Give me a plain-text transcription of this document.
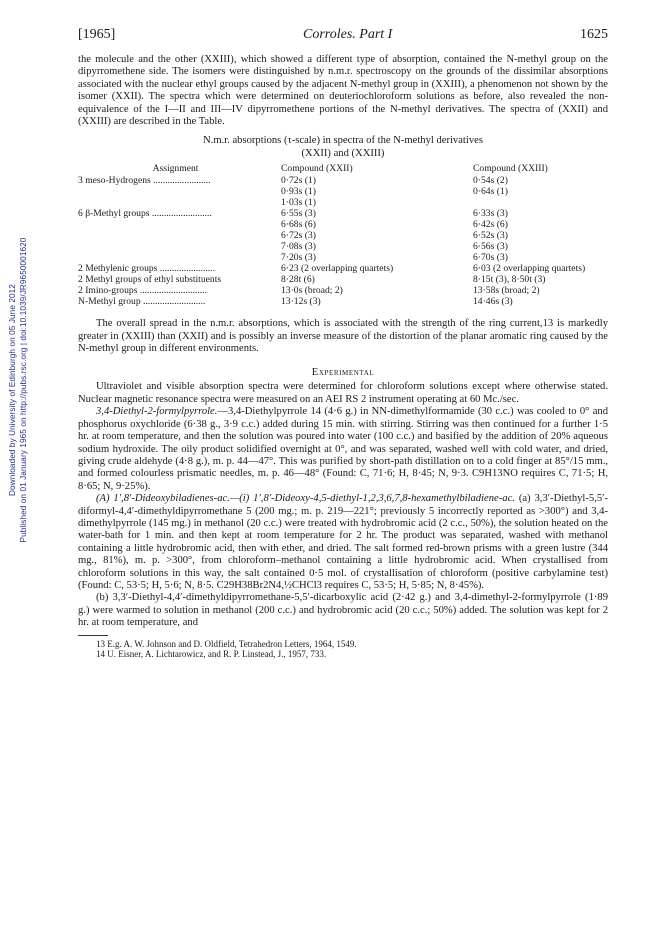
Downloaded by University of Edinburgh on 05 June 2012 Published on 01 January 1965 on http://pubs.rsc.org | doi:10.1039/JR9650001620
[1965]	Corroles. Part I	1625

the molecule and the other (XXIII), which showed a different type of absorption, contained the N-methyl group on the dipyrromethene side. The isomers were distinguished by n.m.r. spectroscopy on the grounds of the dissimilar absorptions associated with the nuclear ethyl groups caused by the adjacent N-methyl group in (XXIII), a phenomenon not shown by the isomer (XXII). The spectra which were determined on deuteriochloroform solutions as before, also revealed the non-equivalence of the I—II and III—IV dipyrromethene portions of the N-methyl derivatives. The spectra of (XXII) and (XXIII) are described in the Table.

N.m.r. absorptions (τ-scale) in spectra of the N-methyl derivatives
(XXII) and (XXIII)
Assignment	Compound (XXII)	Compound (XXIII)
3 meso-Hydrogens ........................	0·72s (1)	0·54s (2)
	0·93s (1)	0·64s (1)
	1·03s (1)	
6 β-Methyl groups .........................	6·55s (3)	6·33s (3)
	6·68s (6)	6·42s (6)
	6·72s (3)	6·52s (3)
	7·08s (3)	6·56s (3)
	7·20s (3)	6·70s (3)
2 Methylenic groups .......................	6·23 (2 overlapping quartets)	6·03 (2 overlapping quartets)
2 Methyl groups of ethyl substituents	8·28t (6)	8·15t (3), 8·50t (3)
2 Imino-groups ............................	13·0s (broad; 2)	13·58s (broad; 2)
N-Methyl group ..........................	13·12s (3)	14·46s (3)

The overall spread in the n.m.r. absorptions, which is associated with the strength of the ring current,13 is markedly greater in (XXIII) than (XXII) and is possibly an inverse measure of the distortion of the planar aromatic ring caused by the N-methyl group in different environments.

Experimental

Ultraviolet and visible absorption spectra were determined for chloroform solutions except where otherwise stated. Nuclear magnetic resonance spectra were measured on an AEI RS 2 instrument operating at 60 Mc./sec.

3,4-Diethyl-2-formylpyrrole.—3,4-Diethylpyrrole 14 (4·6 g.) in NN-dimethylformamide (30 c.c.) was cooled to 0° and phosphorus oxychloride (6·38 g., 3·9 c.c.) added during 15 min. with stirring. Stirring was then continued for a further 1·5 hr. at room temperature, and then the solution was poured into water (100 c.c.) and basified by the addition of 20% aqueous sodium hydroxide. The oily product solidified overnight at 0°, and was separated, washed well with cold water, and dried, giving crude aldehyde (4·8 g.), m. p. 44—47°. This was purified by short-path distillation on to a cold finger at 85°/15 mm., and formed colourless prismatic needles, m. p. 46—48° (Found: C, 71·6; H, 8·45; N, 9·3. C9H13NO requires C, 71·5; H, 8·65; N, 9·25%).

(A) 1′,8′-Dideoxybiladienes-ac.—(i) 1′,8′-Dideoxy-4,5-diethyl-1,2,3,6,7,8-hexamethylbiladiene-ac. (a) 3,3′-Diethyl-5,5′-diformyl-4,4′-dimethyldipyrromethane 5 (200 mg.; m. p. 219—221°; previously 5 incorrectly reported as >300°) and 3,4-dimethylpyrrole (145 mg.) in methanol (20 c.c.) were treated with hydrobromic acid (2 c.c., 50%), the solution heated on the water-bath for 1 min. and then kept at room temperature for 2 hr. The product was separated, washed with methanol containing a little hydrobromic acid, then with ether, and dried. The salt formed red-brown prisms with a green lustre (344 mg., 81%), m. p. >300°, from chloroform–methanol containing a little hydrobromic acid. When crystallised from chloroform solutions in this way, the salt contained 0·5 mol. of crystallisation of chloroform (positive carbylamine test) (Found: C, 53·5; H, 5·6; N, 8·5. C29H38Br2N4,½CHCl3 requires C, 53·5; H, 5·85; N, 8·45%).

(b) 3,3′-Diethyl-4,4′-dimethyldipyrromethane-5,5′-dicarboxylic acid (2·42 g.) and 3,4-dimethyl-2-formylpyrrole (1·89 g.) were warmed to solution in methanol (200 c.c.) and hydrobromic acid (20 c.c.; 50%) added. The solution was kept for 2 hr. at room temperature, and

13 E.g. A. W. Johnson and D. Oldfield, Tetrahedron Letters, 1964, 1549.

14 U. Eisner, A. Lichtarowicz, and R. P. Linstead, J., 1957, 733.
